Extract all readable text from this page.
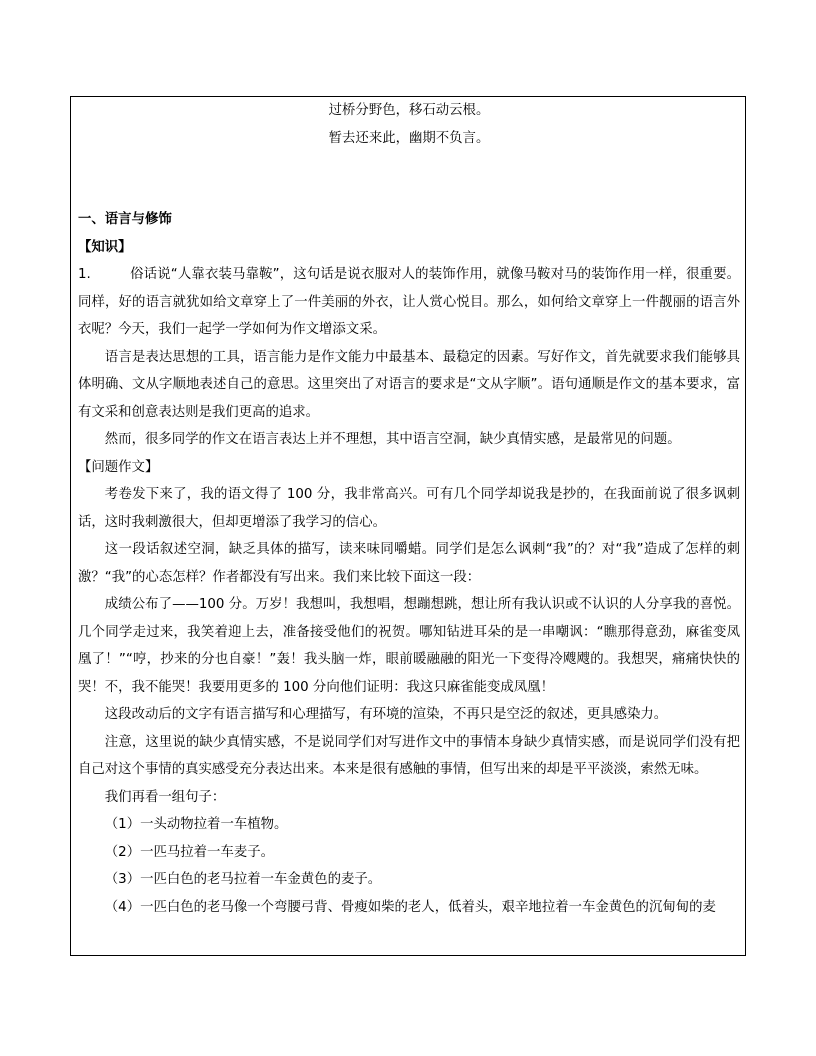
过桥分野色，移石动云根。
暂去还来此，幽期不负言。

一、语言与修饰

【知识】

1.	俗话说“人靠衣装马靠鞍”，这句话是说衣服对人的装饰作用，就像马鞍对马的装饰作用一样，很重要。同样，好的语言就犹如给文章穿上了一件美丽的外衣，让人赏心悦目。那么，如何给文章穿上一件靓丽的语言外衣呢？今天，我们一起学一学如何为作文增添文采。

语言是表达思想的工具，语言能力是作文能力中最基本、最稳定的因素。写好作文，首先就要求我们能够具体明确、文从字顺地表述自己的意思。这里突出了对语言的要求是“文从字顺”。语句通顺是作文的基本要求，富有文采和创意表达则是我们更高的追求。

然而，很多同学的作文在语言表达上并不理想，其中语言空洞，缺少真情实感，是最常见的问题。

【问题作文】

考卷发下来了，我的语文得了 100 分，我非常高兴。可有几个同学却说我是抄的，在我面前说了很多讽刺话，这时我刺激很大，但却更增添了我学习的信心。

这一段话叙述空洞，缺乏具体的描写，读来味同嚼蜡。同学们是怎么讽刺“我”的？对“我”造成了怎样的刺激？“我”的心态怎样？作者都没有写出来。我们来比较下面这一段：

成绩公布了——100 分。万岁！我想叫，我想唱，想蹦想跳，想让所有我认识或不认识的人分享我的喜悦。几个同学走过来，我笑着迎上去，准备接受他们的祝贺。哪知钻进耳朵的是一串嘲讽：“瞧那得意劲，麻雀变凤凰了！”“哼，抄来的分也自豪！”轰！我头脑一炸，眼前暖融融的阳光一下变得冷飕飕的。我想哭，痛痛快快的哭！不，我不能哭！我要用更多的 100 分向他们证明：我这只麻雀能变成凤凰！

这段改动后的文字有语言描写和心理描写，有环境的渲染，不再只是空泛的叙述，更具感染力。

注意，这里说的缺少真情实感，不是说同学们对写进作文中的事情本身缺少真情实感，而是说同学们没有把自己对这个事情的真实感受充分表达出来。本来是很有感触的事情，但写出来的却是平平淡淡，索然无味。

我们再看一组句子：

（1）一头动物拉着一车植物。

（2）一匹马拉着一车麦子。

（3）一匹白色的老马拉着一车金黄色的麦子。

（4）一匹白色的老马像一个弯腰弓背、骨瘦如柴的老人，低着头，艰辛地拉着一车金黄色的沉甸甸的麦
